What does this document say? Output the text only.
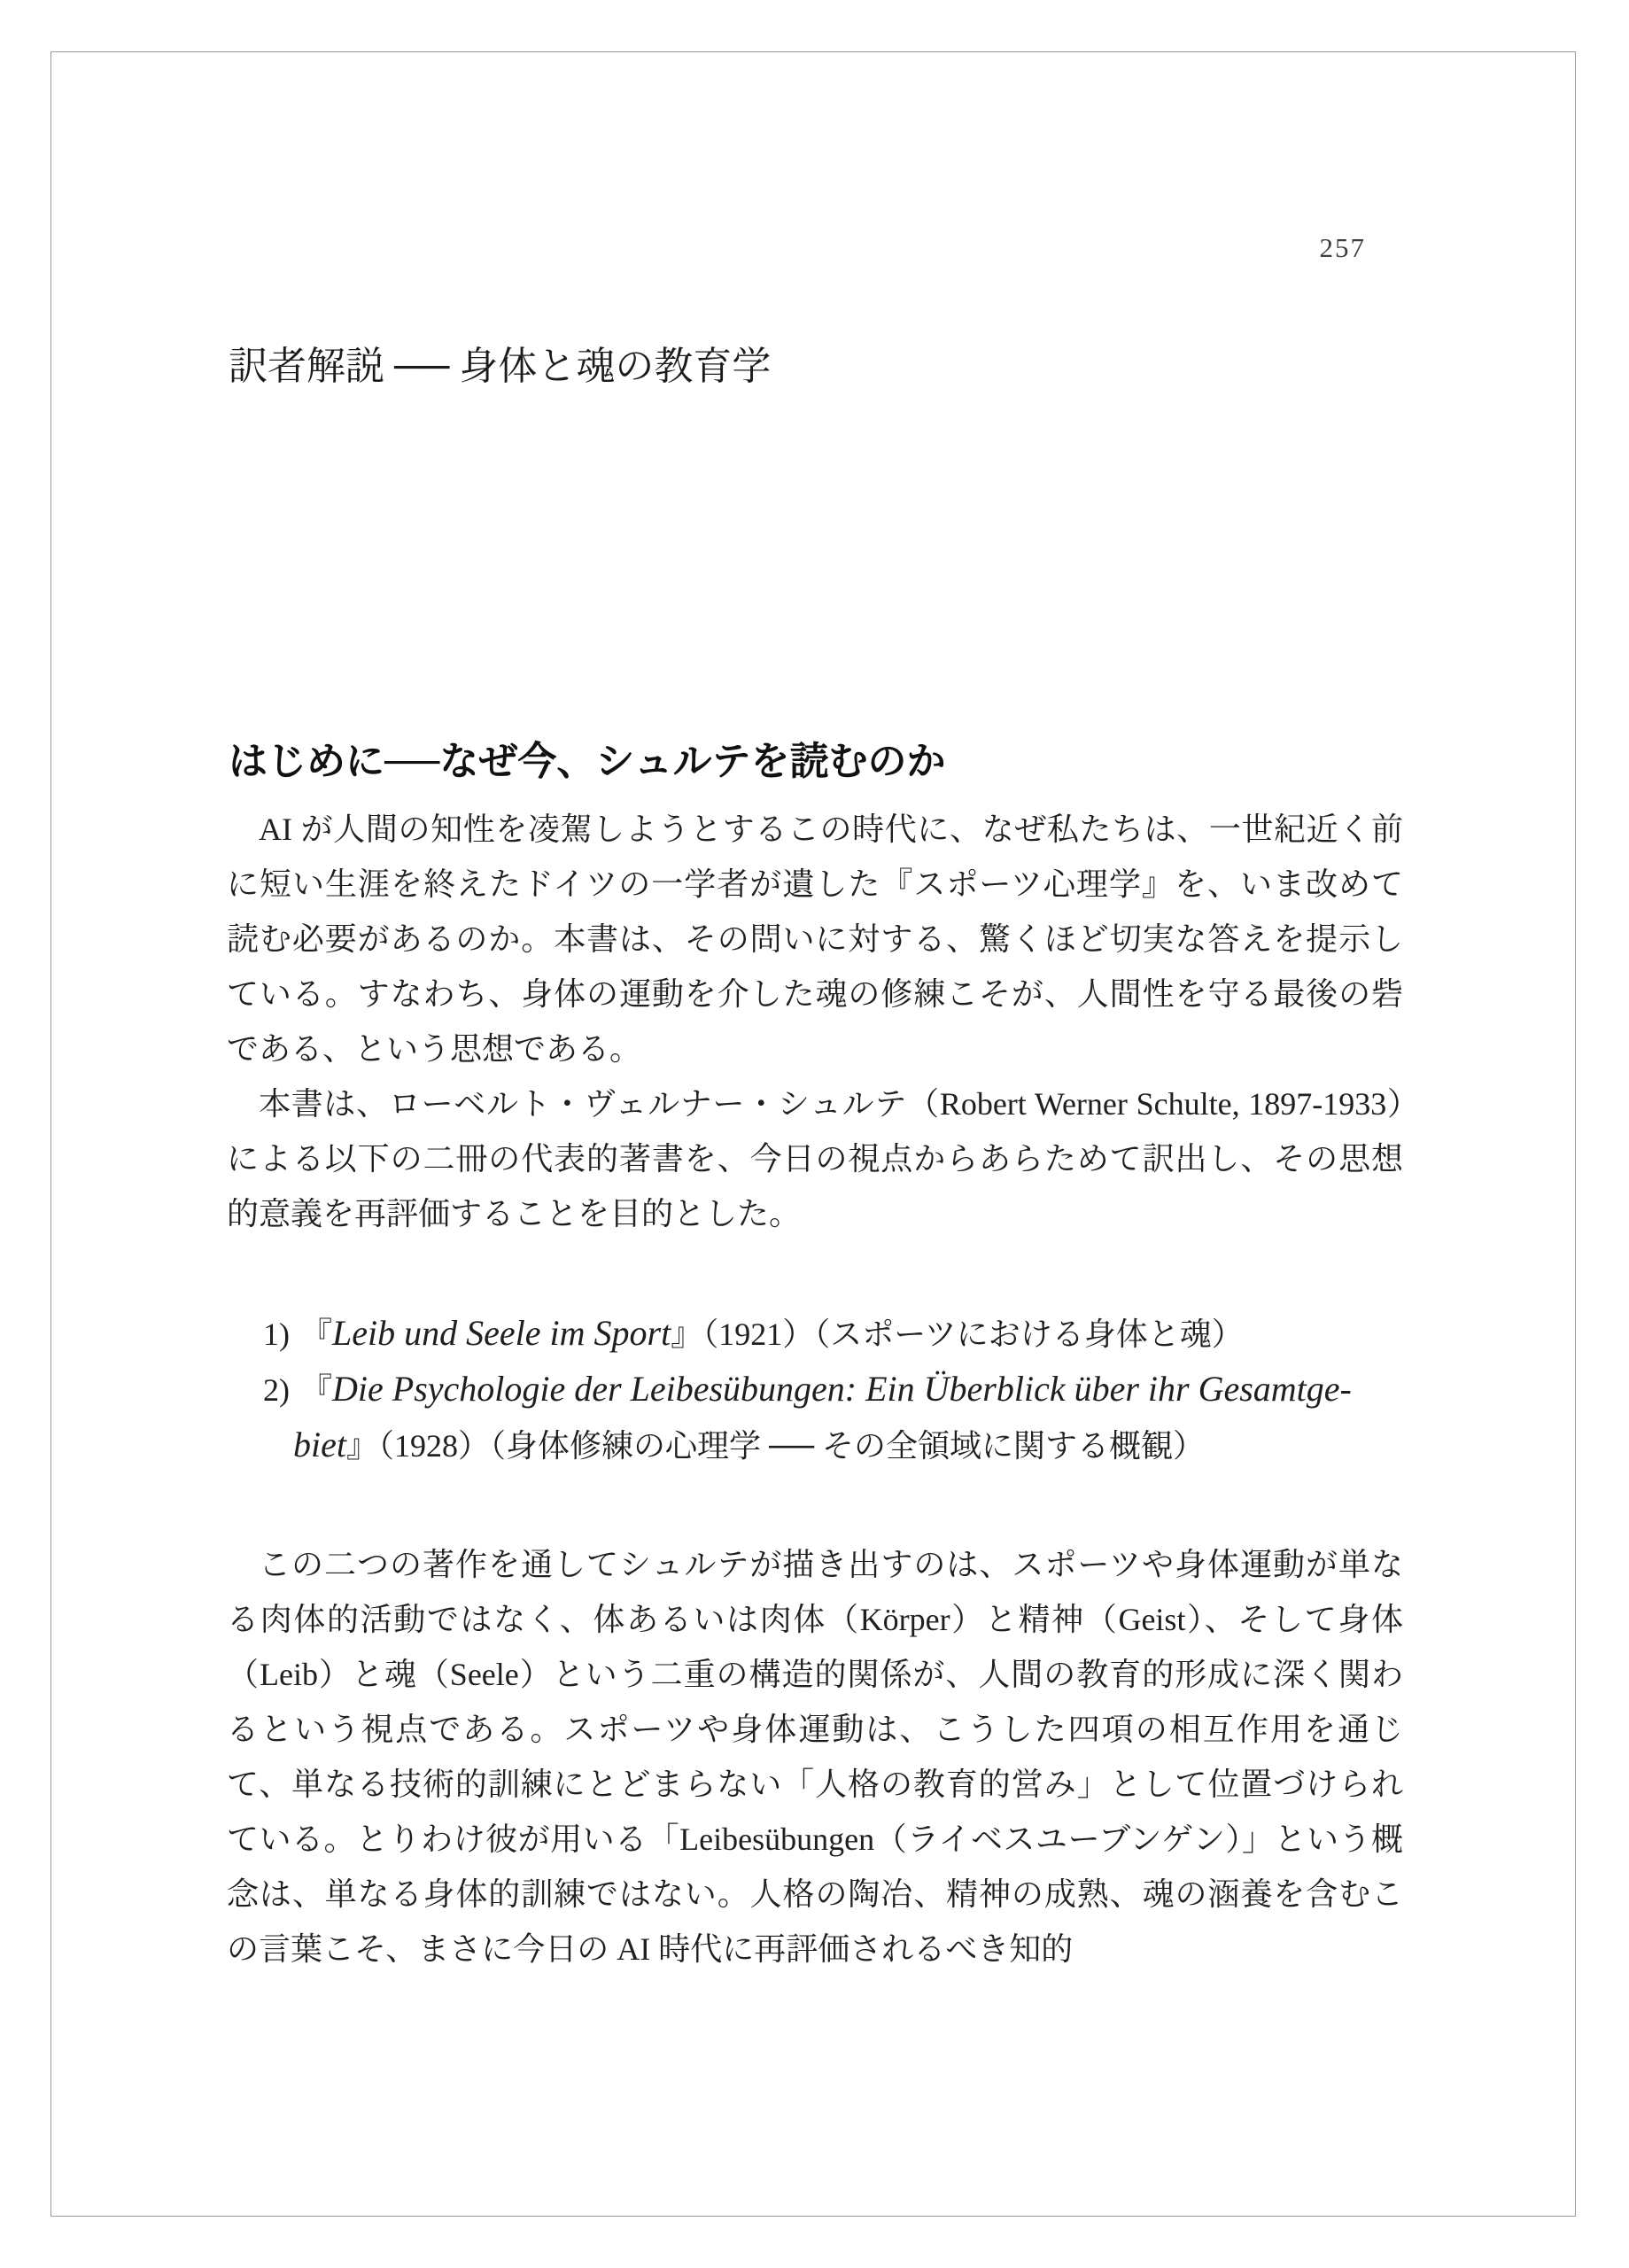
257
訳者解説 ── 身体と魂の教育学
はじめに──なぜ今、シュルテを読むのか

AI が人間の知性を凌駕しようとするこの時代に、なぜ私たちは、一世紀近く前に短い生涯を終えたドイツの一学者が遺した『スポーツ心理学』を、いま改めて読む必要があるのか。本書は、その問いに対する、驚くほど切実な答えを提示している。すなわち、身体の運動を介した魂の修練こそが、人間性を守る最後の砦である、という思想である。

本書は、ローベルト・ヴェルナー・シュルテ（Robert Werner Schulte, 1897-1933）による以下の二冊の代表的著書を、今日の視点からあらためて訳出し、その思想的意義を再評価することを目的とした。

1) 『Leib und Seele im Sport』（1921）（スポーツにおける身体と魂）
2) 『Die Psychologie der Leibesübungen: Ein Überblick über ihr Gesamtge-
biet』（1928）（身体修練の心理学 ── その全領域に関する概観）

この二つの著作を通してシュルテが描き出すのは、スポーツや身体運動が単なる肉体的活動ではなく、体あるいは肉体（Körper）と精神（Geist）、そして身体（Leib）と魂（Seele）という二重の構造的関係が、人間の教育的形成に深く関わるという視点である。スポーツや身体運動は、こうした四項の相互作用を通じて、単なる技術的訓練にとどまらない「人格の教育的営み」として位置づけられている。とりわけ彼が用いる「Leibesübungen（ライベスユーブンゲン）」という概念は、単なる身体的訓練ではない。人格の陶冶、精神の成熟、魂の涵養を含むこの言葉こそ、まさに今日の AI 時代に再評価されるべき知的
